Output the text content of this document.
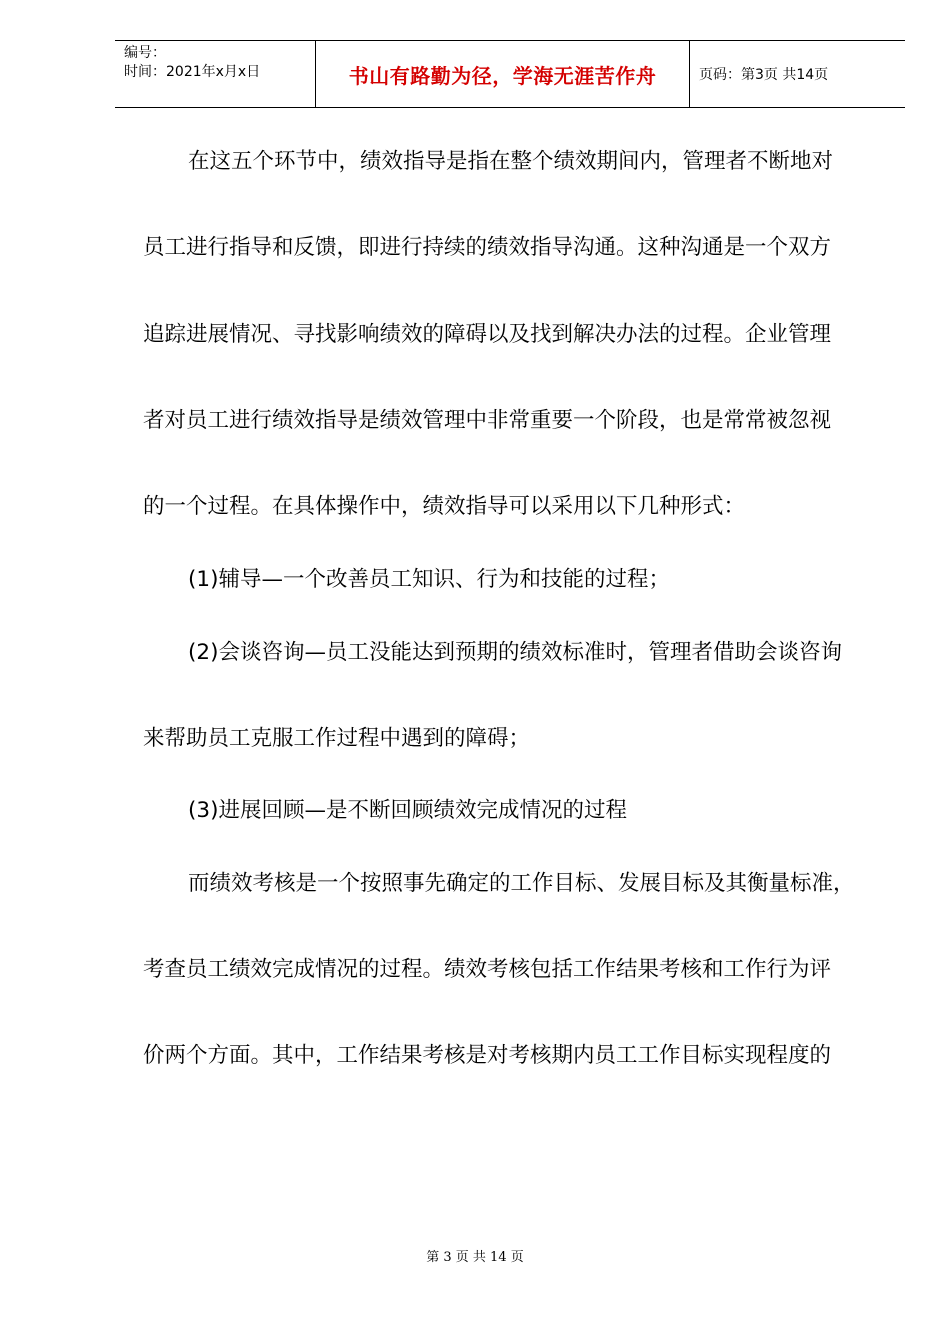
编号：
时间：2021年x月x日	书山有路勤为径，学海无涯苦作舟	页码：第3页 共14页
在这五个环节中，绩效指导是指在整个绩效期间内，管理者不断地对
员工进行指导和反馈，即进行持续的绩效指导沟通。这种沟通是一个双方
追踪进展情况、寻找影响绩效的障碍以及找到解决办法的过程。企业管理
者对员工进行绩效指导是绩效管理中非常重要一个阶段，也是常常被忽视
的一个过程。在具体操作中，绩效指导可以采用以下几种形式：
(1)辅导—一个改善员工知识、行为和技能的过程；
(2)会谈咨询—员工没能达到预期的绩效标准时，管理者借助会谈咨询
来帮助员工克服工作过程中遇到的障碍；
(3)进展回顾—是不断回顾绩效完成情况的过程
而绩效考核是一个按照事先确定的工作目标、发展目标及其衡量标准，
考查员工绩效完成情况的过程。绩效考核包括工作结果考核和工作行为评
价两个方面。其中，工作结果考核是对考核期内员工工作目标实现程度的
第 3 页 共 14 页
